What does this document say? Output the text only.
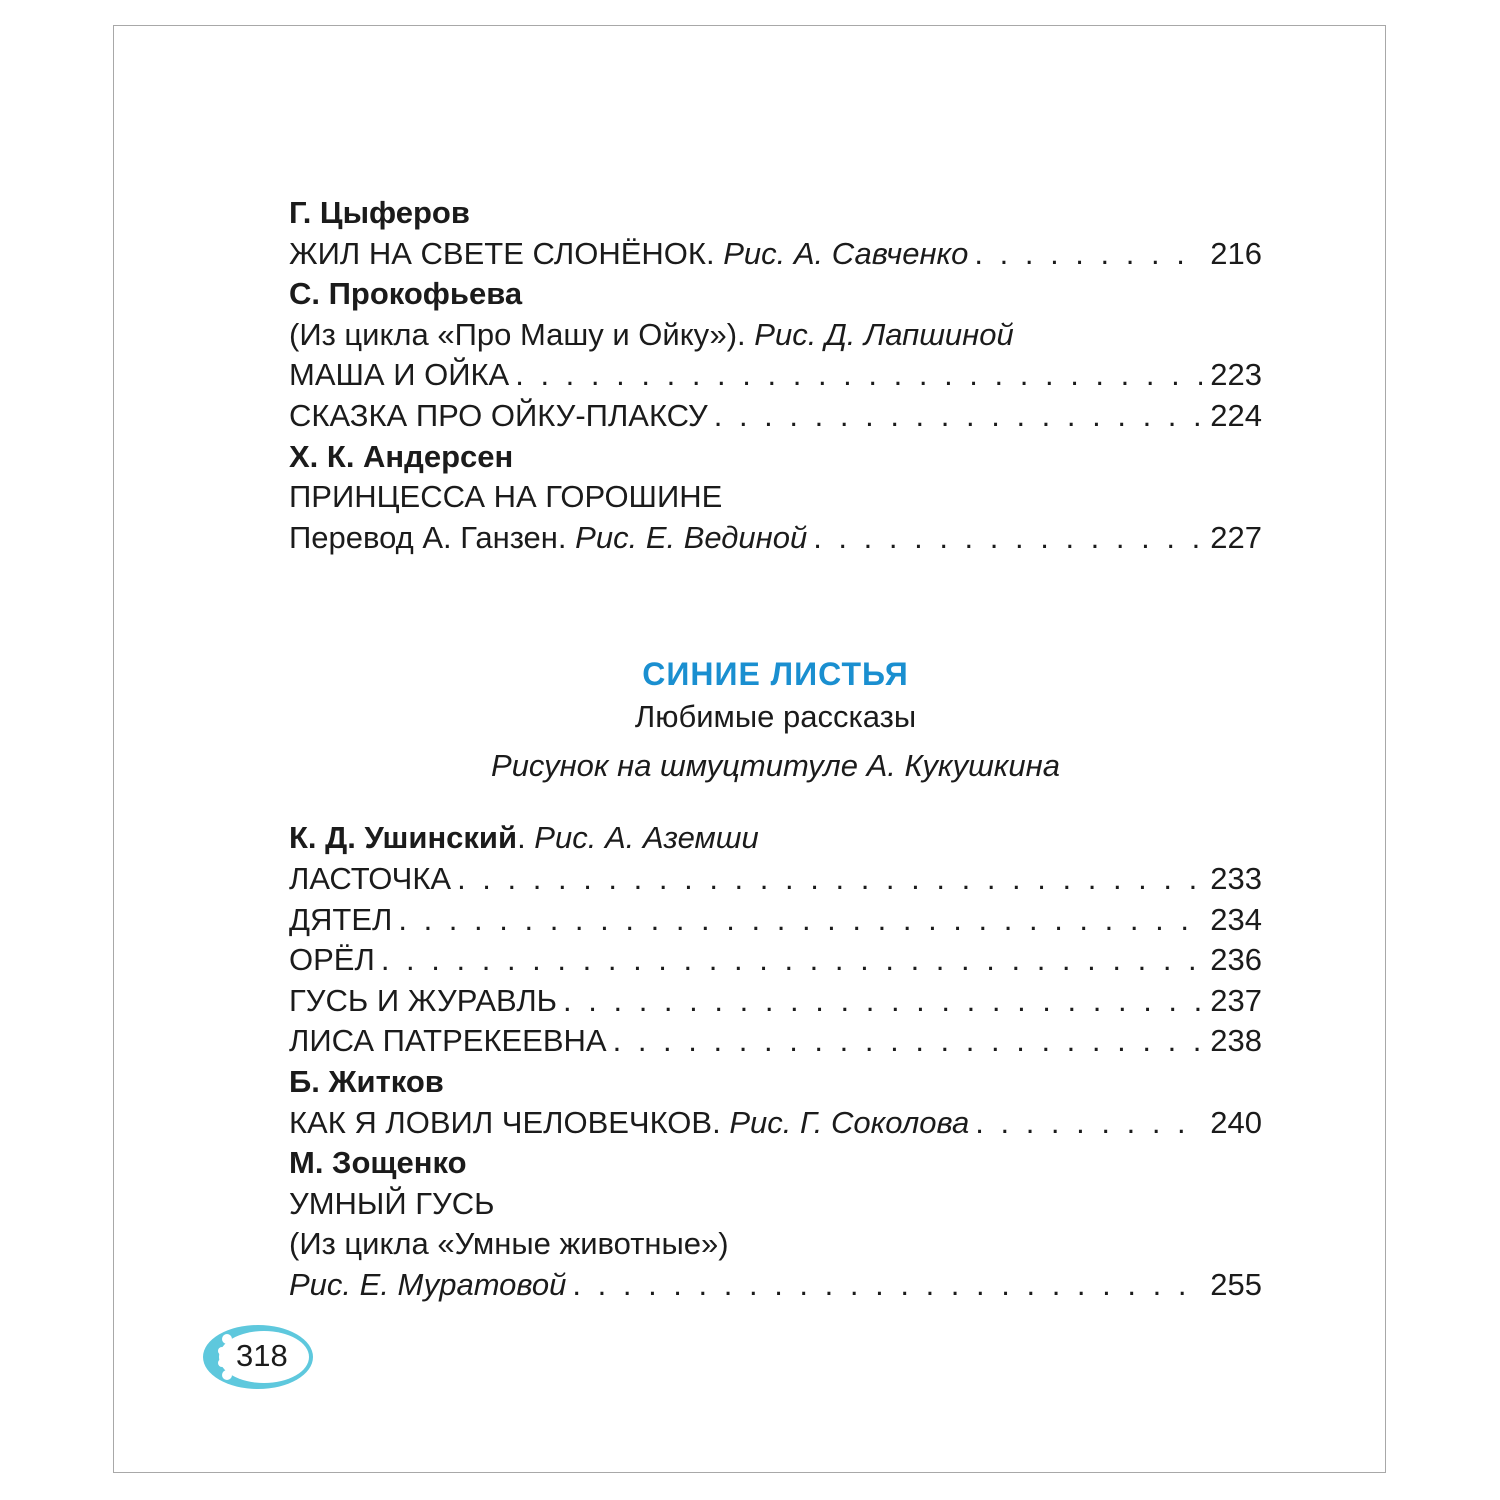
Г. Цыферов
ЖИЛ НА СВЕТЕ СЛОНЁНОК. Рис. А. Савченко . . .	216
С. Прокофьева
(Из цикла «Про Машу и Ойку»). Рис. Д. Лапшиной
МАША И ОЙКА . . .	223
СКАЗКА ПРО ОЙКУ-ПЛАКСУ . . .	224
Х. К. Андерсен
ПРИНЦЕССА НА ГОРОШИНЕ
Перевод А. Ганзен. Рис. Е. Вединой . . .	227
СИНИЕ ЛИСТЬЯ
Любимые рассказы
Рисунок на шмуцтитуле А. Кукушкина
К. Д. Ушинский. Рис. А. Аземши
ЛАСТОЧКА . . .	233
ДЯТЕЛ . . .	234
ОРЁЛ . . .	236
ГУСЬ И ЖУРАВЛЬ . . .	237
ЛИСА ПАТРЕКЕЕВНА . . .	238
Б. Житков
КАК Я ЛОВИЛ ЧЕЛОВЕЧКОВ. Рис. Г. Соколова . . .	240
М. Зощенко
УМНЫЙ ГУСЬ
(Из цикла «Умные животные»)
Рис. Е. Муратовой . . .	255
318
